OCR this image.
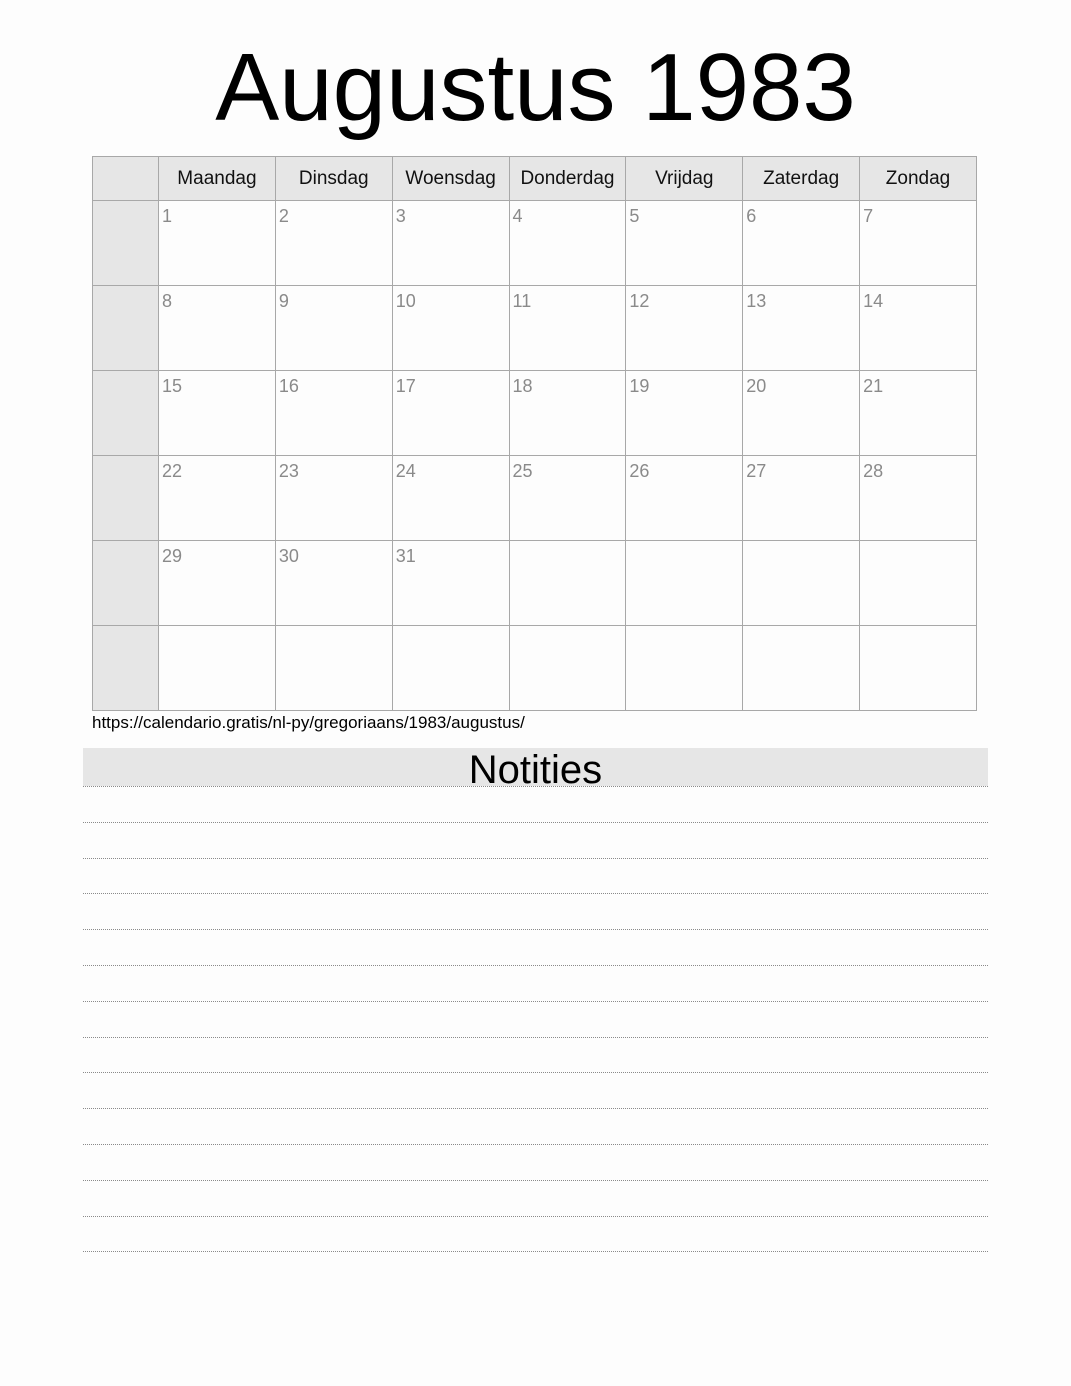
Augustus 1983
	Maandag	Dinsdag	Woensdag	Donderdag	Vrijdag	Zaterdag	Zondag

	1	2	3	4	5	6	7

	8	9	10	11	12	13	14

	15	16	17	18	19	20	21

	22	23	24	25	26	27	28

	29	30	31				

https://calendario.gratis/nl-py/gregoriaans/1983/augustus/
Notities
